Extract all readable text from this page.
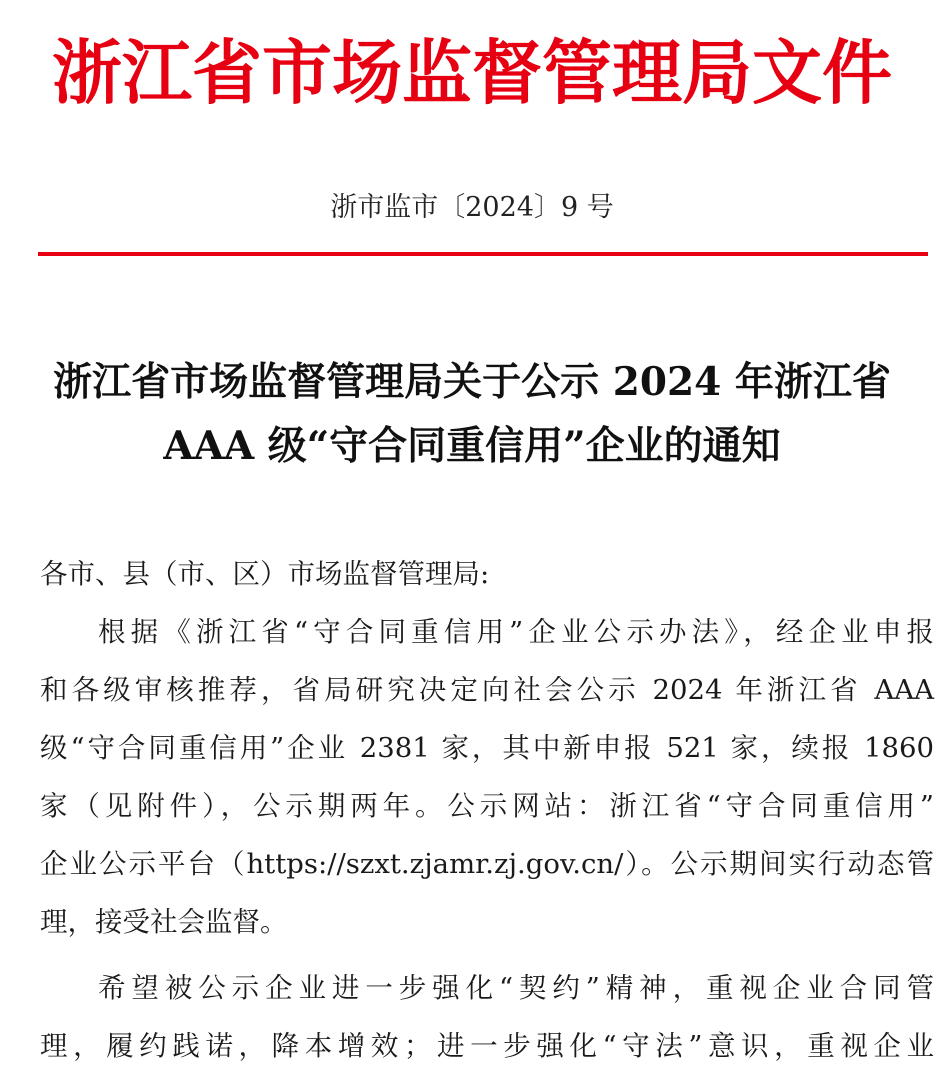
浙江省市场监督管理局文件
浙市监市〔2024〕9 号
浙江省市场监督管理局关于公示 2024 年浙江省
AAA 级“守合同重信用”企业的通知

各市、县（市、区）市场监督管理局:

根据《浙江省“守合同重信用”企业公示办法》，经企业申报
和各级审核推荐，省局研究决定向社会公示 2024 年浙江省 AAA
级“守合同重信用”企业 2381 家，其中新申报 521 家，续报 1860
家（见附件），公示期两年。公示网站：浙江省“守合同重信用”
企业公示平台（https://szxt.zjamr.zj.gov.cn/）。公示期间实行动态管
理，接受社会监督。

希望被公示企业进一步强化“契约”精神，重视企业合同管
理，履约践诺，降本增效；进一步强化“守法”意识，重视企业
